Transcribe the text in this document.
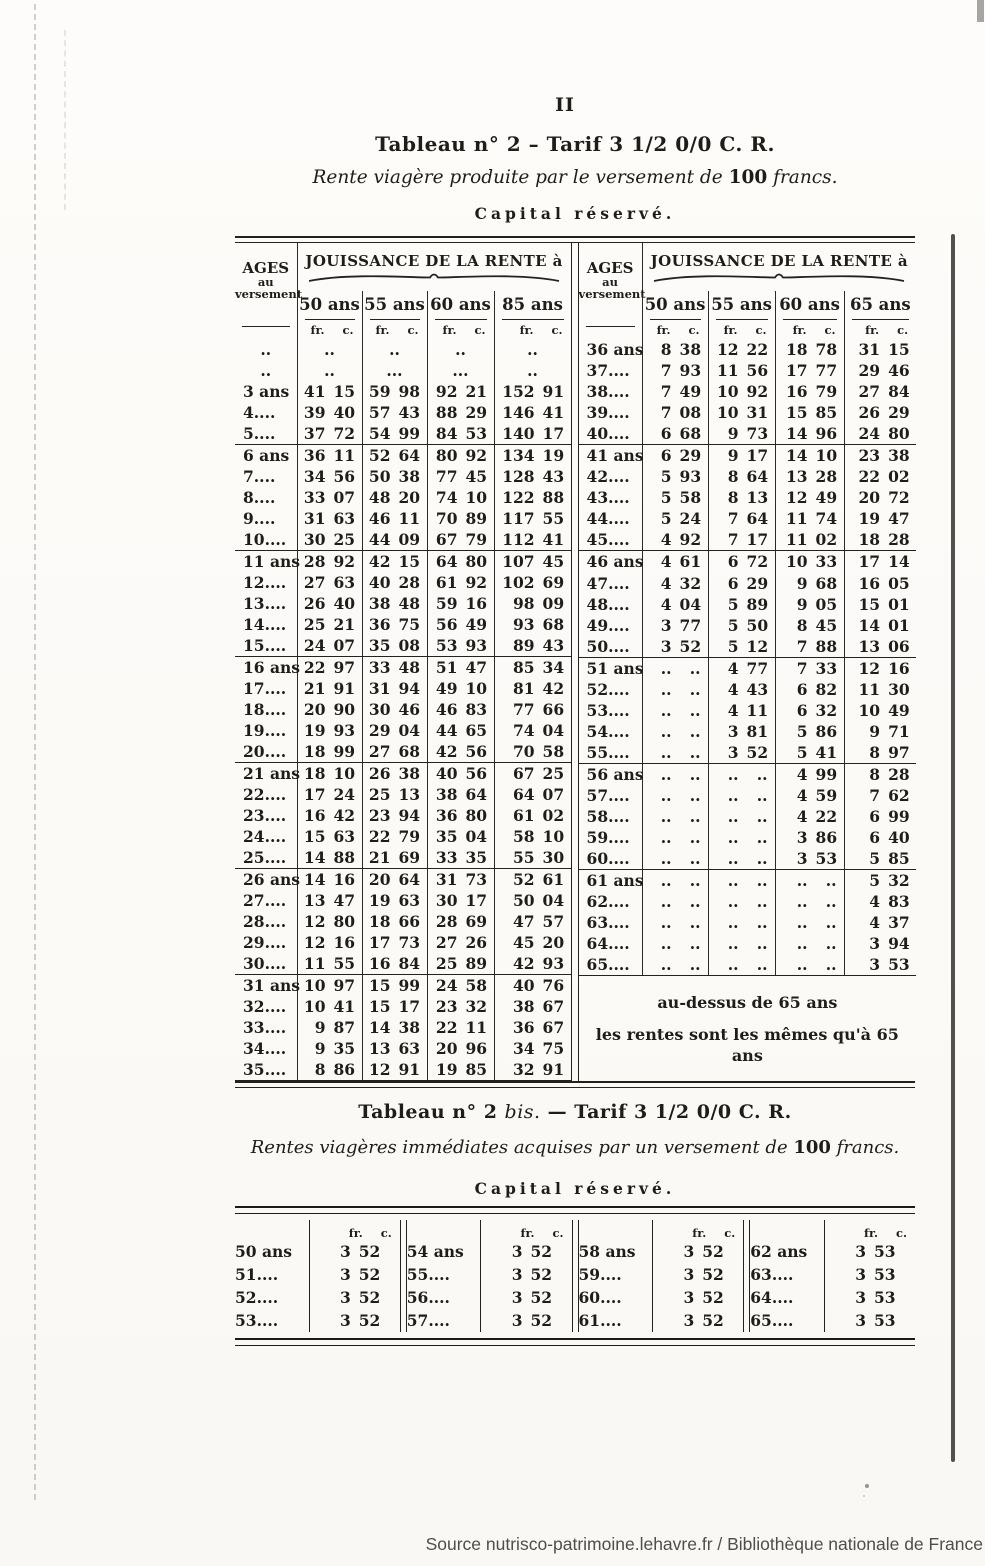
II
Tableau n° 2 – Tarif 3 1/2 0/0 C. R.
Rente viagère produite par le versement de 100 francs.
Capital réservé.
AGES
au
versement	JOUISSANCE DE LA RENTE à			

	50 ans	55 ans	60 ans	85 ans

	fr. c.	fr. c.	fr. c.	fr. c.

..	..	..	..	..

..	..	...	...	..

3 ans	41 15	59 98	92 21	152 91

4....	39 40	57 43	88 29	146 41

5....	37 72	54 99	84 53	140 17

6 ans	36 11	52 64	80 92	134 19

7....	34 56	50 38	77 45	128 43

8....	33 07	48 20	74 10	122 88

9....	31 63	46 11	70 89	117 55

10....	30 25	44 09	67 79	112 41

11 ans	28 92	42 15	64 80	107 45

12....	27 63	40 28	61 92	102 69

13....	26 40	38 48	59 16	98 09

14....	25 21	36 75	56 49	93 68

15....	24 07	35 08	53 93	89 43

16 ans	22 97	33 48	51 47	85 34

17....	21 91	31 94	49 10	81 42

18....	20 90	30 46	46 83	77 66

19....	19 93	29 04	44 65	74 04

20....	18 99	27 68	42 56	70 58

21 ans	18 10	26 38	40 56	67 25

22....	17 24	25 13	38 64	64 07

23....	16 42	23 94	36 80	61 02

24....	15 63	22 79	35 04	58 10

25....	14 88	21 69	33 35	55 30

26 ans	14 16	20 64	31 73	52 61

27....	13 47	19 63	30 17	50 04

28....	12 80	18 66	28 69	47 57

29....	12 16	17 73	27 26	45 20

30....	11 55	16 84	25 89	42 93

31 ans	10 97	15 99	24 58	40 76

32....	10 41	15 17	23 32	38 67

33....	9 87	14 38	22 11	36 67

34....	9 35	13 63	20 96	34 75

35....	8 86	12 91	19 85	32 91
AGES
au
versement	JOUISSANCE DE LA RENTE à			

	50 ans	55 ans	60 ans	65 ans

	fr. c.	fr. c.	fr. c.	fr. c.

36 ans	8 38	12 22	18 78	31 15

37....	7 93	11 56	17 77	29 46

38....	7 49	10 92	16 79	27 84

39....	7 08	10 31	15 85	26 29

40....	6 68	9 73	14 96	24 80

41 ans	6 29	9 17	14 10	23 38

42....	5 93	8 64	13 28	22 02

43....	5 58	8 13	12 49	20 72

44....	5 24	7 64	11 74	19 47

45....	4 92	7 17	11 02	18 28

46 ans	4 61	6 72	10 33	17 14

47....	4 32	6 29	9 68	16 05

48....	4 04	5 89	9 05	15 01

49....	3 77	5 50	8 45	14 01

50....	3 52	5 12	7 88	13 06

51 ans	.. ..	4 77	7 33	12 16

52....	.. ..	4 43	6 82	11 30

53....	.. ..	4 11	6 32	10 49

54....	.. ..	3 81	5 86	9 71

55....	.. ..	3 52	5 41	8 97

56 ans	.. ..	.. ..	4 99	8 28

57....	.. ..	.. ..	4 59	7 62

58....	.. ..	.. ..	4 22	6 99

59....	.. ..	.. ..	3 86	6 40

60....	.. ..	.. ..	3 53	5 85

61 ans	.. ..	.. ..	.. ..	5 32

62....	.. ..	.. ..	.. ..	4 83

63....	.. ..	.. ..	.. ..	4 37

64....	.. ..	.. ..	.. ..	3 94

65....	.. ..	.. ..	.. ..	3 53

au-dessus de 65 ans
les rentes sont les mêmes qu'à 65 ans				
Tableau n° 2 bis. — Tarif 3 1/2 0/0 C. R.
Rentes viagères immédiates acquises par un versement de 100 francs.
Capital réservé.

	fr. c.

50 ans	3 52

51....	3 52

52....	3 52

53....	3 52

	fr. c.

54 ans	3 52

55....	3 52

56....	3 52

57....	3 52

	fr. c.

58 ans	3 52

59....	3 52

60....	3 52

61....	3 52

	fr. c.

62 ans	3 53

63....	3 53

64....	3 53

65....	3 53
Source nutrisco-patrimoine.lehavre.fr / Bibliothèque nationale de France
